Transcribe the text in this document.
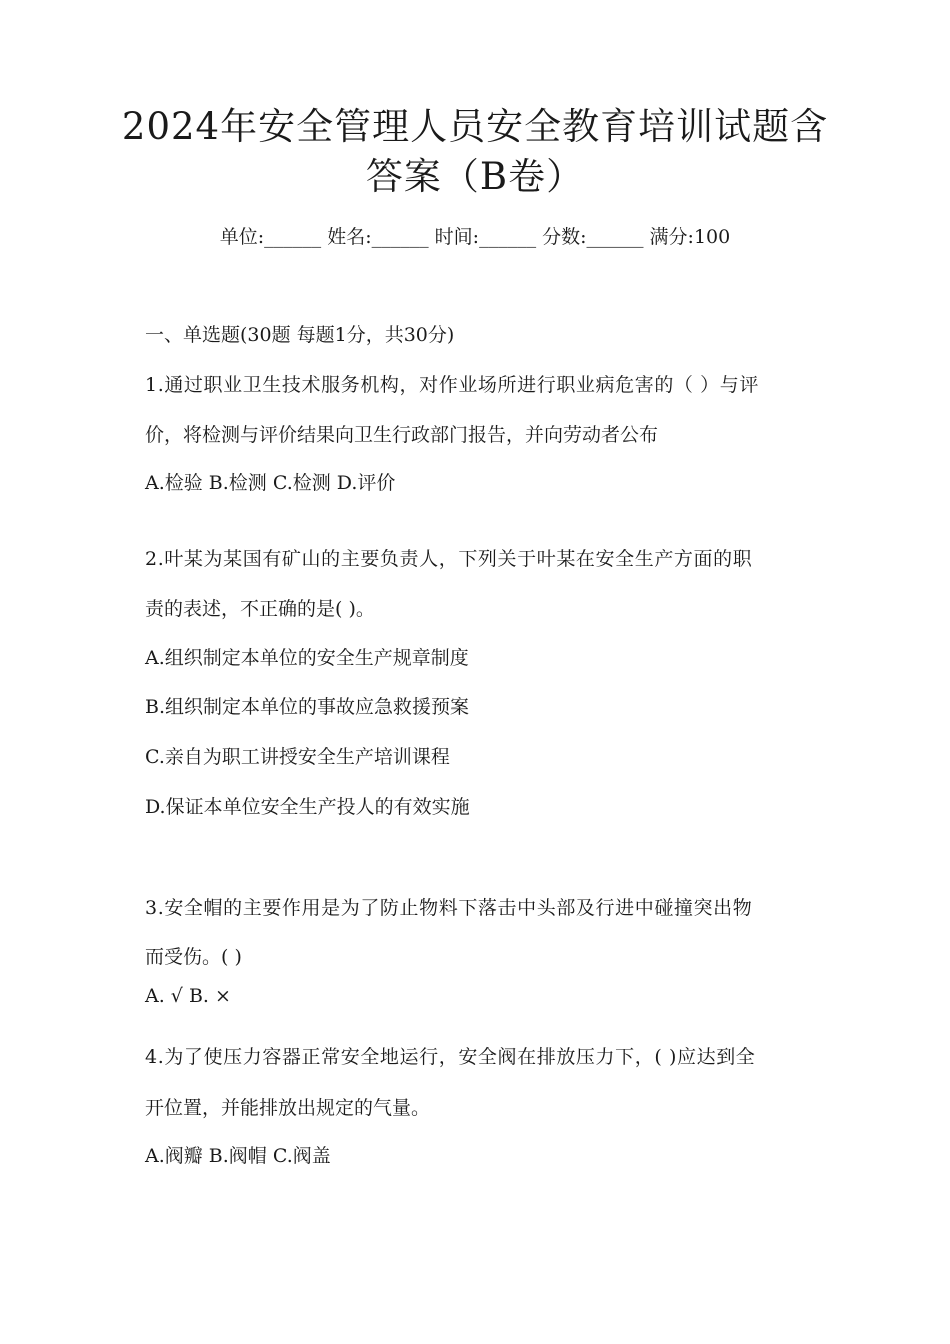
2024年安全管理人员安全教育培训试题含
答案（B卷）
单位:______ 姓名:______ 时间:______ 分数:______ 满分:100
一、单选题(30题 每题1分，共30分)
1.通过职业卫生技术服务机构，对作业场所进行职业病危害的（ ）与评
价，将检测与评价结果向卫生行政部门报告，并向劳动者公布
A.检验 B.检测 C.检测 D.评价
2.叶某为某国有矿山的主要负责人，下列关于叶某在安全生产方面的职
责的表述，不正确的是( )。
A.组织制定本单位的安全生产规章制度
B.组织制定本单位的事故应急救援预案
C.亲自为职工讲授安全生产培训课程
D.保证本单位安全生产投人的有效实施
3.安全帽的主要作用是为了防止物料下落击中头部及行进中碰撞突出物
而受伤。( )
A. √ B. ×
4.为了使压力容器正常安全地运行，安全阀在排放压力下，( )应达到全
开位置，并能排放出规定的气量。
A.阀瓣 B.阀帽 C.阀盖
